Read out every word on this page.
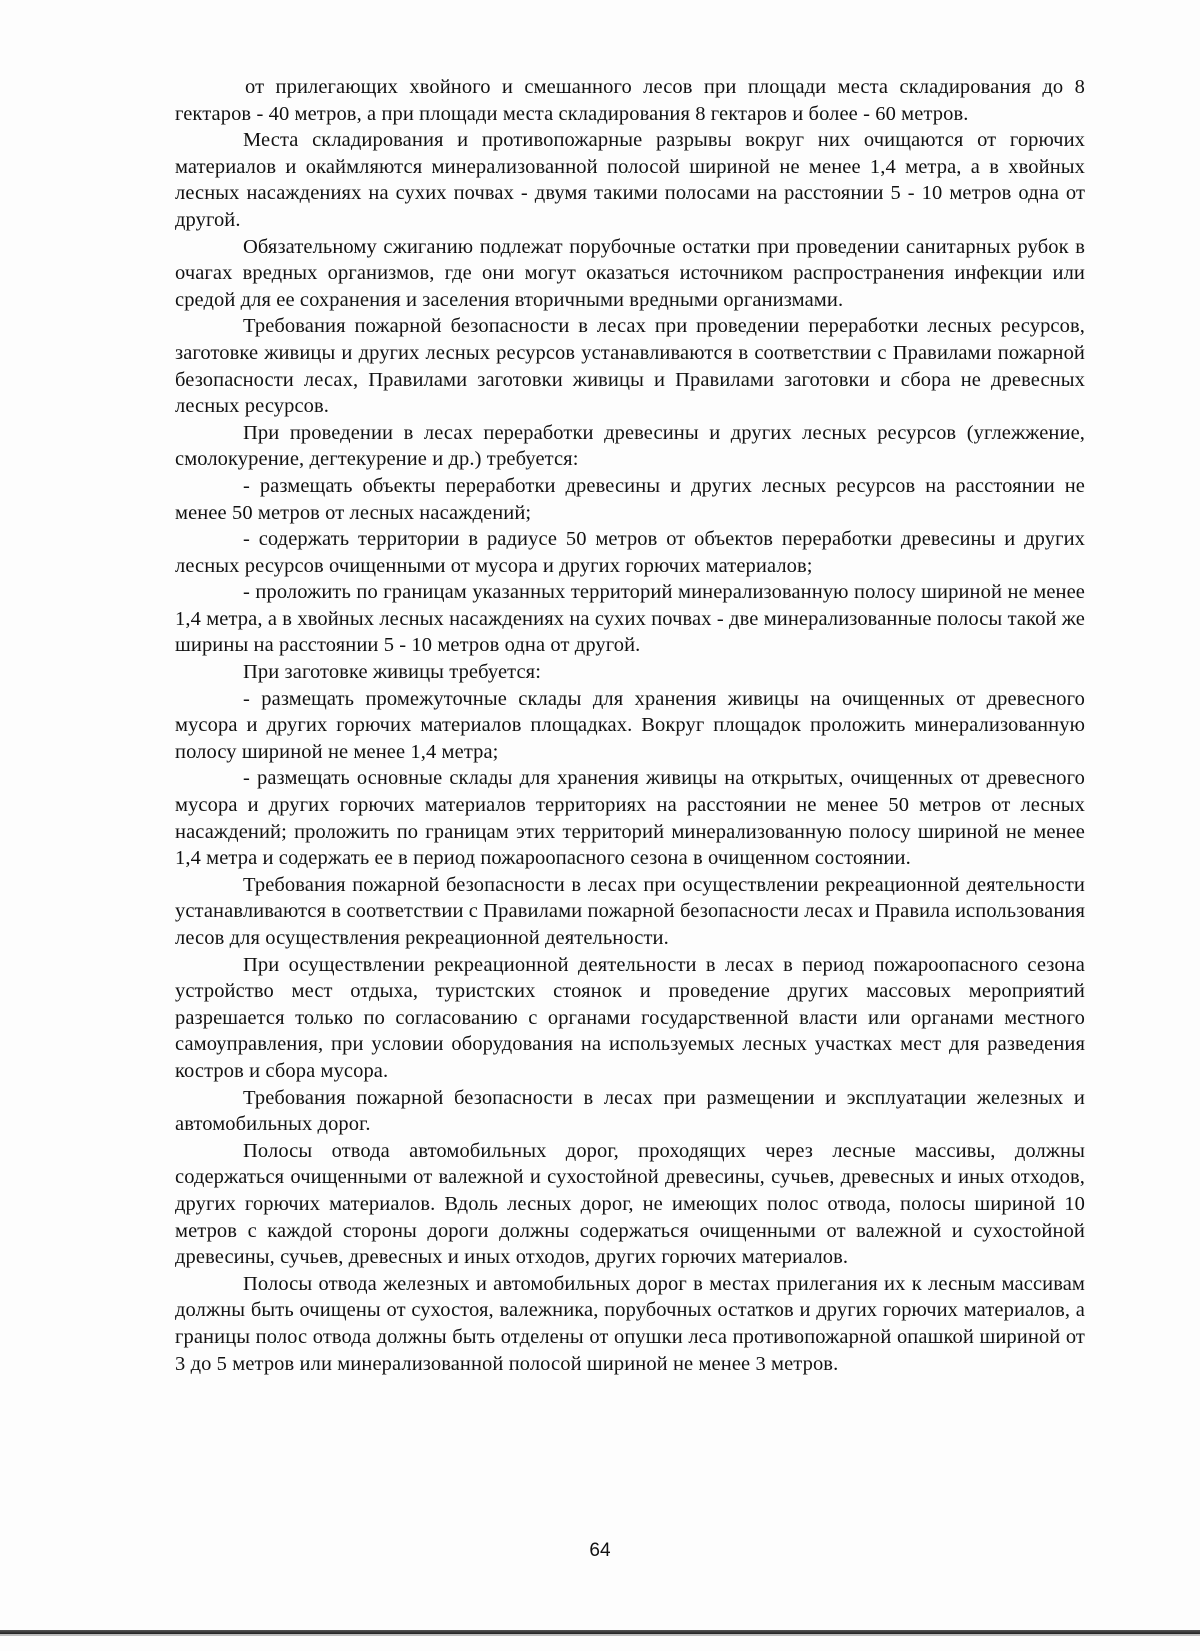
от прилегающих хвойного и смешанного лесов при площади места складирования до 8 гектаров - 40 метров, а при площади места складирования 8 гектаров и более - 60 метров.

Места складирования и противопожарные разрывы вокруг них очищаются от горючих материалов и окаймляются минерализованной полосой шириной не менее 1,4 метра, а в хвойных лесных насаждениях на сухих почвах - двумя такими полосами на расстоянии 5 - 10 метров одна от другой.

Обязательному сжиганию подлежат порубочные остатки при проведении санитарных рубок в очагах вредных организмов, где они могут оказаться источником распространения инфекции или средой для ее сохранения и заселения вторичными вредными организмами.

Требования пожарной безопасности в лесах при проведении переработки лесных ресурсов, заготовке живицы и других лесных ресурсов устанавливаются в соответствии с Правилами пожарной безопасности лесах, Правилами заготовки живицы и Правилами заготовки и сбора не древесных лесных ресурсов.

При проведении в лесах переработки древесины и других лесных ресурсов (углежжение, смолокурение, дегтекурение и др.) требуется:

- размещать объекты переработки древесины и других лесных ресурсов на расстоянии не менее 50 метров от лесных насаждений;

- содержать территории в радиусе 50 метров от объектов переработки древесины и других лесных ресурсов очищенными от мусора и других горючих материалов;

- проложить по границам указанных территорий минерализованную полосу шириной не менее 1,4 метра, а в хвойных лесных насаждениях на сухих почвах - две минерализованные полосы такой же ширины на расстоянии 5 - 10 метров одна от другой.

При заготовке живицы требуется:

- размещать промежуточные склады для хранения живицы на очищенных от древесного мусора и других горючих материалов площадках. Вокруг площадок проложить минерализованную полосу шириной не менее 1,4 метра;

- размещать основные склады для хранения живицы на открытых, очищенных от древесного мусора и других горючих материалов территориях на расстоянии не менее 50 метров от лесных насаждений; проложить по границам этих территорий минерализованную полосу шириной не менее 1,4 метра и содержать ее в период пожароопасного сезона в очищенном состоянии.

Требования пожарной безопасности в лесах при осуществлении рекреационной деятельности устанавливаются в соответствии с Правилами пожарной безопасности лесах и Правила использования лесов для осуществления рекреационной деятельности.

При осуществлении рекреационной деятельности в лесах в период пожароопасного сезона устройство мест отдыха, туристских стоянок и проведение других массовых мероприятий разрешается только по согласованию с органами государственной власти или органами местного самоуправления, при условии оборудования на используемых лесных участках мест для разведения костров и сбора мусора.

Требования пожарной безопасности в лесах при размещении и эксплуатации железных и автомобильных дорог.

Полосы отвода автомобильных дорог, проходящих через лесные массивы, должны содержаться очищенными от валежной и сухостойной древесины, сучьев, древесных и иных отходов, других горючих материалов. Вдоль лесных дорог, не имеющих полос отвода, полосы шириной 10 метров с каждой стороны дороги должны содержаться очищенными от валежной и сухостойной древесины, сучьев, древесных и иных отходов, других горючих материалов.

Полосы отвода железных и автомобильных дорог в местах прилегания их к лесным массивам должны быть очищены от сухостоя, валежника, порубочных остатков и других горючих материалов, а границы полос отвода должны быть отделены от опушки леса противопожарной опашкой шириной от 3 до 5 метров или минерализованной полосой шириной не менее 3 метров.

64
